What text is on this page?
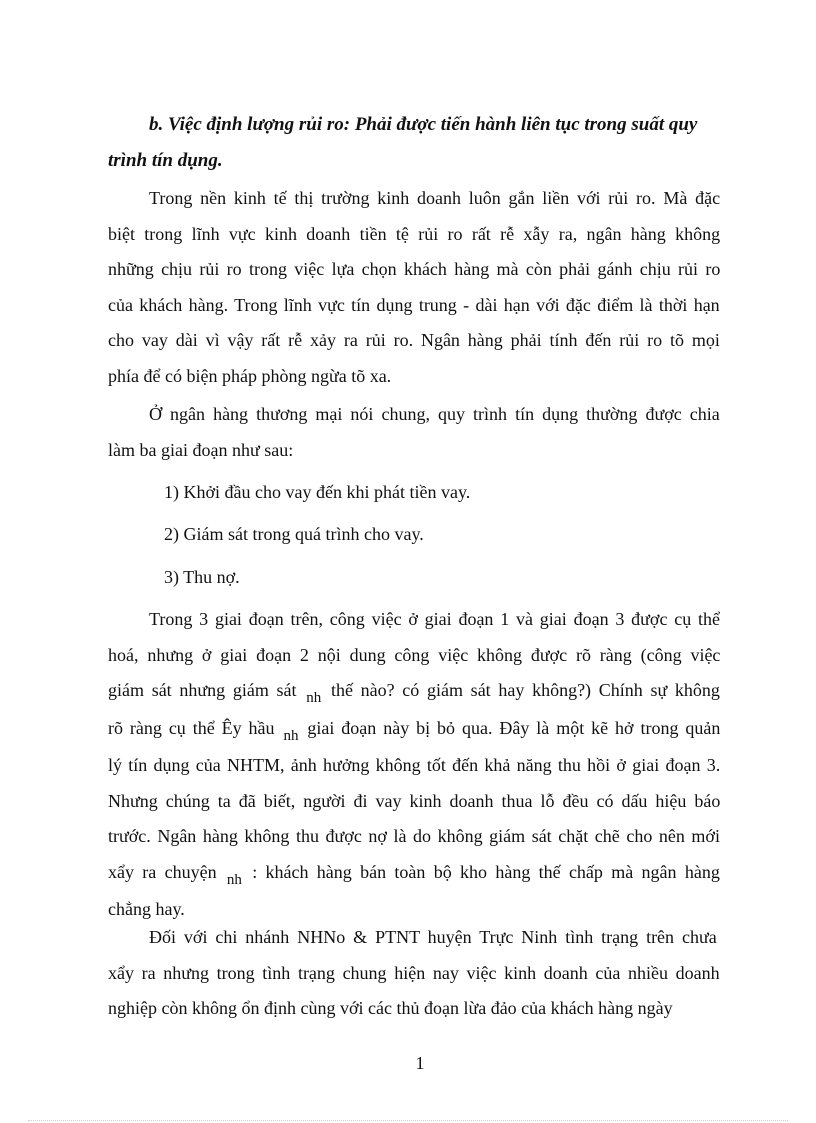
b. Việc định lượng rủi ro: Phải được tiến hành liên tục trong suất quy
trình tín dụng.
Trong nền kinh tế thị trường kinh doanh luôn gắn liền với rủi ro. Mà đặc
biệt trong lĩnh vực kinh doanh tiền tệ rủi ro rất rễ xẫy ra, ngân hàng không
những chịu rủi ro trong việc lựa chọn khách hàng mà còn phải gánh chịu rủi ro
của khách hàng. Trong lĩnh vực tín dụng trung - dài hạn với đặc điểm là thời hạn
cho vay dài vì vậy rất rễ xảy ra rủi ro. Ngân hàng phải tính đến rủi ro tõ mọi
phía để có biện pháp phòng ngừa tõ xa.
Ở ngân hàng thương mại nói chung, quy trình tín dụng thường được chia
làm ba giai đoạn như sau:
1) Khởi đầu cho vay đến khi phát tiền vay.
2) Giám sát trong quá trình cho vay.
3) Thu nợ.
Trong 3 giai đoạn trên, công việc ở giai đoạn 1 và giai đoạn 3 được cụ thể
hoá, nhưng ở giai đoạn 2 nội dung công việc không được rõ ràng (công việc
giám sát nhưng giám sát $_{nh}$ thế nào? có giám sát hay không?) Chính sự không
rõ ràng cụ thể Êy hầu $_{nh}$ giai đoạn này bị bỏ qua. Đây là một kẽ hở trong quản
lý tín dụng của NHTM, ảnh hưởng không tốt đến khả năng thu hồi ở giai đoạn 3.
Nhưng chúng ta đã biết, người đi vay kinh doanh thua lỗ đều có dấu hiệu báo
trước. Ngân hàng không thu được nợ là do không giám sát chặt chẽ cho nên mới
xẩy ra chuyện $_{nh}$ : khách hàng bán toàn bộ kho hàng thế chấp mà ngân hàng
chẳng hay.
Đối với chi nhánh NHNo & PTNT huyện Trực Ninh tình trạng trên chưa
xẩy ra nhưng trong tình trạng chung hiện nay việc kinh doanh của nhiều doanh
nghiệp còn không ổn định cùng với các thủ đoạn lừa đảo của khách hàng ngày
1
